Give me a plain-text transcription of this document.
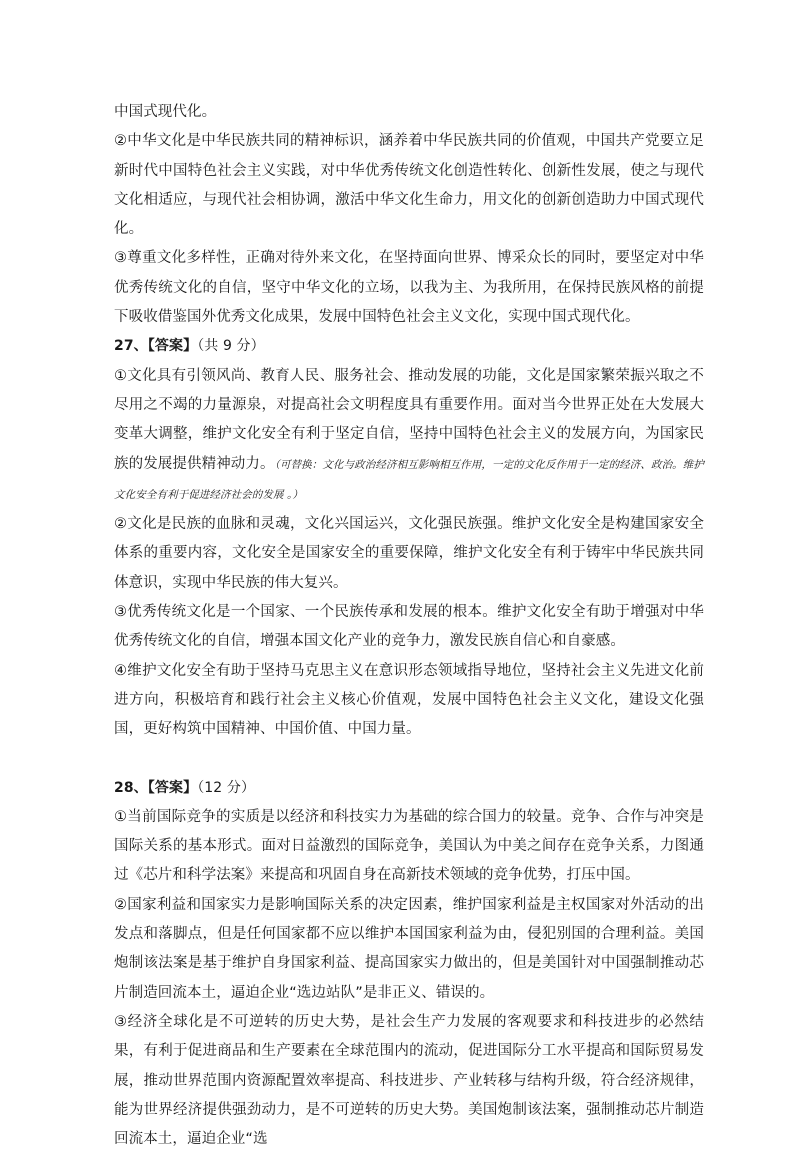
中国式现代化。

②中华文化是中华民族共同的精神标识，涵养着中华民族共同的价值观，中国共产党要立足新时代中国特色社会主义实践，对中华优秀传统文化创造性转化、创新性发展，使之与现代文化相适应，与现代社会相协调，激活中华文化生命力，用文化的创新创造助力中国式现代化。

③尊重文化多样性，正确对待外来文化，在坚持面向世界、博采众长的同时，要坚定对中华优秀传统文化的自信，坚守中华文化的立场，以我为主、为我所用，在保持民族风格的前提下吸收借鉴国外优秀文化成果，发展中国特色社会主义文化，实现中国式现代化。

27、【答案】（共 9 分）

①文化具有引领风尚、教育人民、服务社会、推动发展的功能，文化是国家繁荣振兴取之不尽用之不竭的力量源泉，对提高社会文明程度具有重要作用。面对当今世界正处在大发展大变革大调整，维护文化安全有利于坚定自信，坚持中国特色社会主义的发展方向，为国家民族的发展提供精神动力。（可替换：文化与政治经济相互影响相互作用，一定的文化反作用于一定的经济、政治。维护文化安全有利于促进经济社会的发展 。）

②文化是民族的血脉和灵魂，文化兴国运兴，文化强民族强。维护文化安全是构建国家安全体系的重要内容，文化安全是国家安全的重要保障，维护文化安全有利于铸牢中华民族共同体意识，实现中华民族的伟大复兴。

③优秀传统文化是一个国家、一个民族传承和发展的根本。维护文化安全有助于增强对中华优秀传统文化的自信，增强本国文化产业的竞争力，激发民族自信心和自豪感。

④维护文化安全有助于坚持马克思主义在意识形态领域指导地位，坚持社会主义先进文化前进方向，积极培育和践行社会主义核心价值观，发展中国特色社会主义文化，建设文化强国，更好构筑中国精神、中国价值、中国力量。

28、【答案】（12 分）

①当前国际竞争的实质是以经济和科技实力为基础的综合国力的较量。竞争、合作与冲突是国际关系的基本形式。面对日益激烈的国际竞争，美国认为中美之间存在竞争关系，力图通过《芯片和科学法案》来提高和巩固自身在高新技术领域的竞争优势，打压中国。

②国家利益和国家实力是影响国际关系的决定因素，维护国家利益是主权国家对外活动的出发点和落脚点，但是任何国家都不应以维护本国国家利益为由，侵犯别国的合理利益。美国炮制该法案是基于维护自身国家利益、提高国家实力做出的，但是美国针对中国强制推动芯片制造回流本土，逼迫企业“选边站队”是非正义、错误的。

③经济全球化是不可逆转的历史大势，是社会生产力发展的客观要求和科技进步的必然结果，有利于促进商品和生产要素在全球范围内的流动，促进国际分工水平提高和国际贸易发展，推动世界范围内资源配置效率提高、科技进步、产业转移与结构升级，符合经济规律，能为世界经济提供强劲动力，是不可逆转的历史大势。美国炮制该法案，强制推动芯片制造回流本土，逼迫企业“选
